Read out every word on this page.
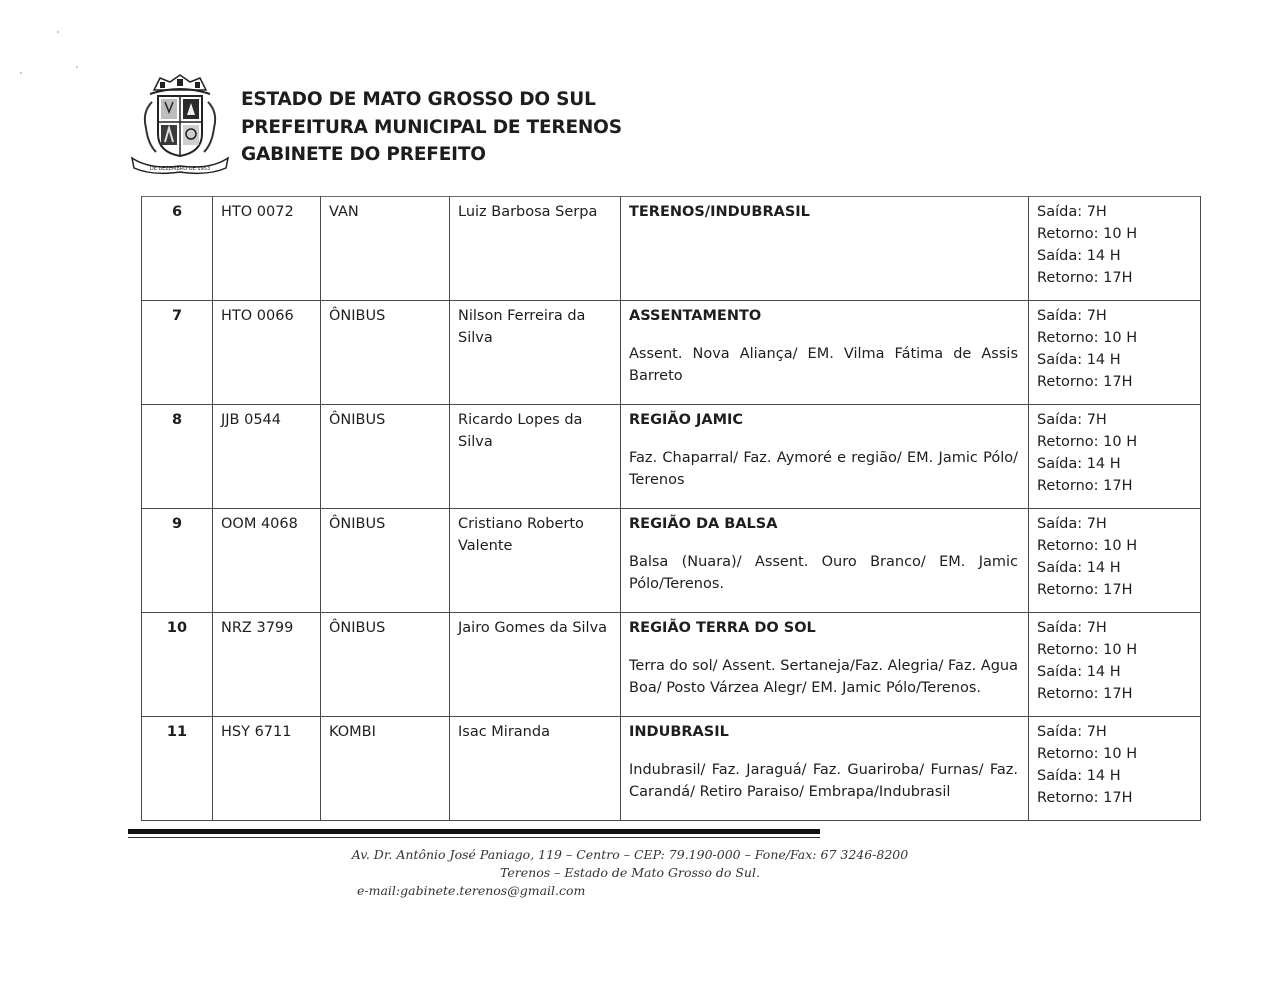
DE DEZEMBRO DE 1953
ESTADO DE MATO GROSSO DO SUL
PREFEITURA MUNICIPAL DE TERENOS
GABINETE DO PREFEITO
6	HTO 0072	VAN	Luiz Barbosa Serpa	TERENOS/INDUBRASIL	Saída: 7H
Retorno: 10 H
Saída: 14 H
Retorno: 17H

7	HTO 0066	ÔNIBUS	Nilson Ferreira da Silva	ASSENTAMENTO
Assent. Nova Aliança/ EM. Vilma Fátima de Assis Barreto	Saída: 7H
Retorno: 10 H
Saída: 14 H
Retorno: 17H

8	JJB 0544	ÔNIBUS	Ricardo Lopes da Silva	REGIÃO JAMIC
Faz. Chaparral/ Faz. Aymoré e região/ EM. Jamic Pólo/ Terenos	Saída: 7H
Retorno: 10 H
Saída: 14 H
Retorno: 17H

9	OOM 4068	ÔNIBUS	Cristiano Roberto Valente	REGIÃO DA BALSA
Balsa (Nuara)/ Assent. Ouro Branco/ EM. Jamic Pólo/Terenos.	Saída: 7H
Retorno: 10 H
Saída: 14 H
Retorno: 17H

10	NRZ 3799	ÔNIBUS	Jairo Gomes da Silva	REGIÃO TERRA DO SOL
Terra do sol/ Assent. Sertaneja/Faz. Alegria/ Faz. Agua Boa/ Posto Várzea Alegr/ EM. Jamic Pólo/Terenos.	Saída: 7H
Retorno: 10 H
Saída: 14 H
Retorno: 17H

11	HSY 6711	KOMBI	Isac Miranda	INDUBRASIL
Indubrasil/ Faz. Jaraguá/ Faz. Guariroba/ Furnas/ Faz. Carandá/ Retiro Paraiso/ Embrapa/Indubrasil	Saída: 7H
Retorno: 10 H
Saída: 14 H
Retorno: 17H
Av. Dr. Antônio José Paniago, 119 – Centro – CEP: 79.190-000 – Fone/Fax: 67 3246-8200
Terenos – Estado de Mato Grosso do Sul.
e-mail:gabinete.terenos@gmail.com
